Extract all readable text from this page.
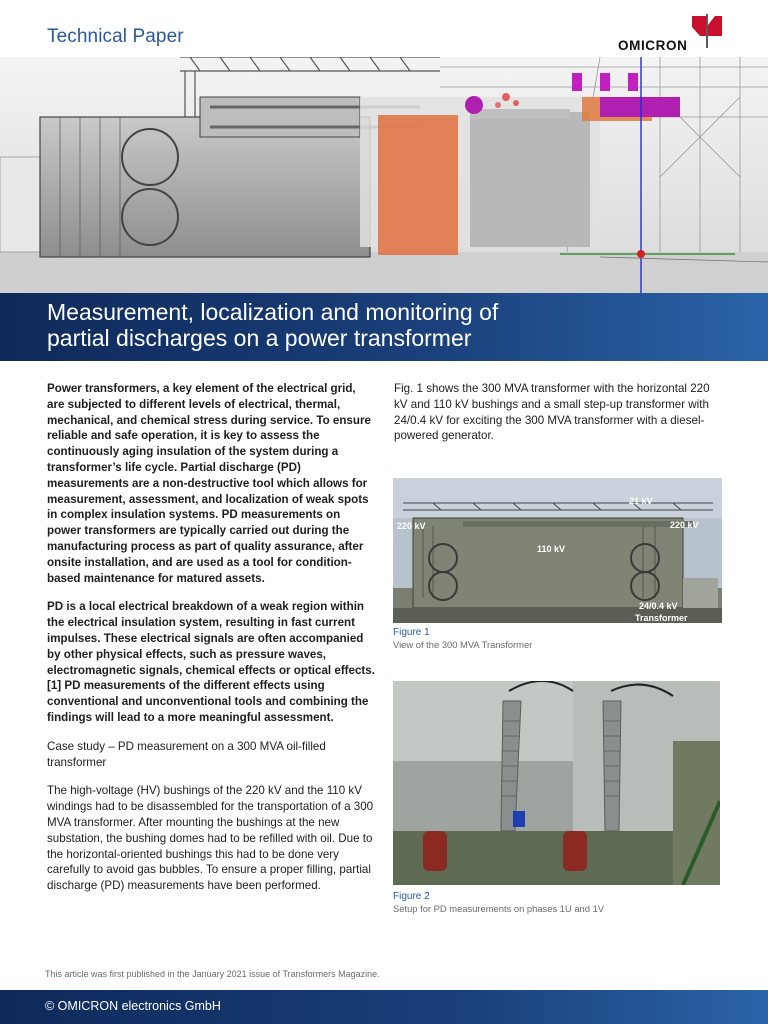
Technical Paper	OMICRON
Measurement, localization and monitoring of
partial discharges on a power transformer

Power transformers, a key element of the electrical grid, are subjected to different levels of electrical, thermal, mechanical, and chemical stress during service. To ensure reliable and safe operation, it is key to assess the continuously aging insulation of the system during a transformer’s life cycle. Partial discharge (PD) measurements are a non-destructive tool which allows for measurement, assessment, and localization of weak spots in complex insulation systems. PD measurements on power transformers are typically carried out during the manufacturing process as part of quality assurance, after onsite installation, and are used as a tool for condition-based maintenance for matured assets.

PD is a local electrical breakdown of a weak region within the electrical insulation system, resulting in fast current impulses. These electrical signals are often accompanied by other physical effects, such as pressure waves, electromagnetic signals, chemical effects or optical effects. [1] PD measurements of the different effects using conventional and unconventional tools and combining the findings will lead to a more meaningful assessment.

Case study – PD measurement on a 300 MVA oil-filled transformer

The high-voltage (HV) bushings of the 220 kV and the 110 kV windings had to be disassembled for the transportation of a 300 MVA transformer. After mounting the bushings at the new substation, the bushing domes had to be refilled with oil. Due to the horizontal-oriented bushings this had to be done very carefully to avoid gas bubbles. To ensure a proper filling, partial discharge (PD) measurements have been performed.

Fig. 1 shows the 300 MVA transformer with the horizontal 220 kV and 110 kV bushings and a small step-up transformer with 24/0.4 kV for exciting the 300 MVA transformer with a diesel-powered generator.
21 kV
220 kV	220 kV
110 kV
24/0.4 kV
Transformer
Figure 1
View of the 300 MVA Transformer
Figure 2
Setup for PD measurements on phases 1U and 1V
This article was first published in the January 2021 issue of Transformers Magazine.
© OMICRON electronics GmbH
